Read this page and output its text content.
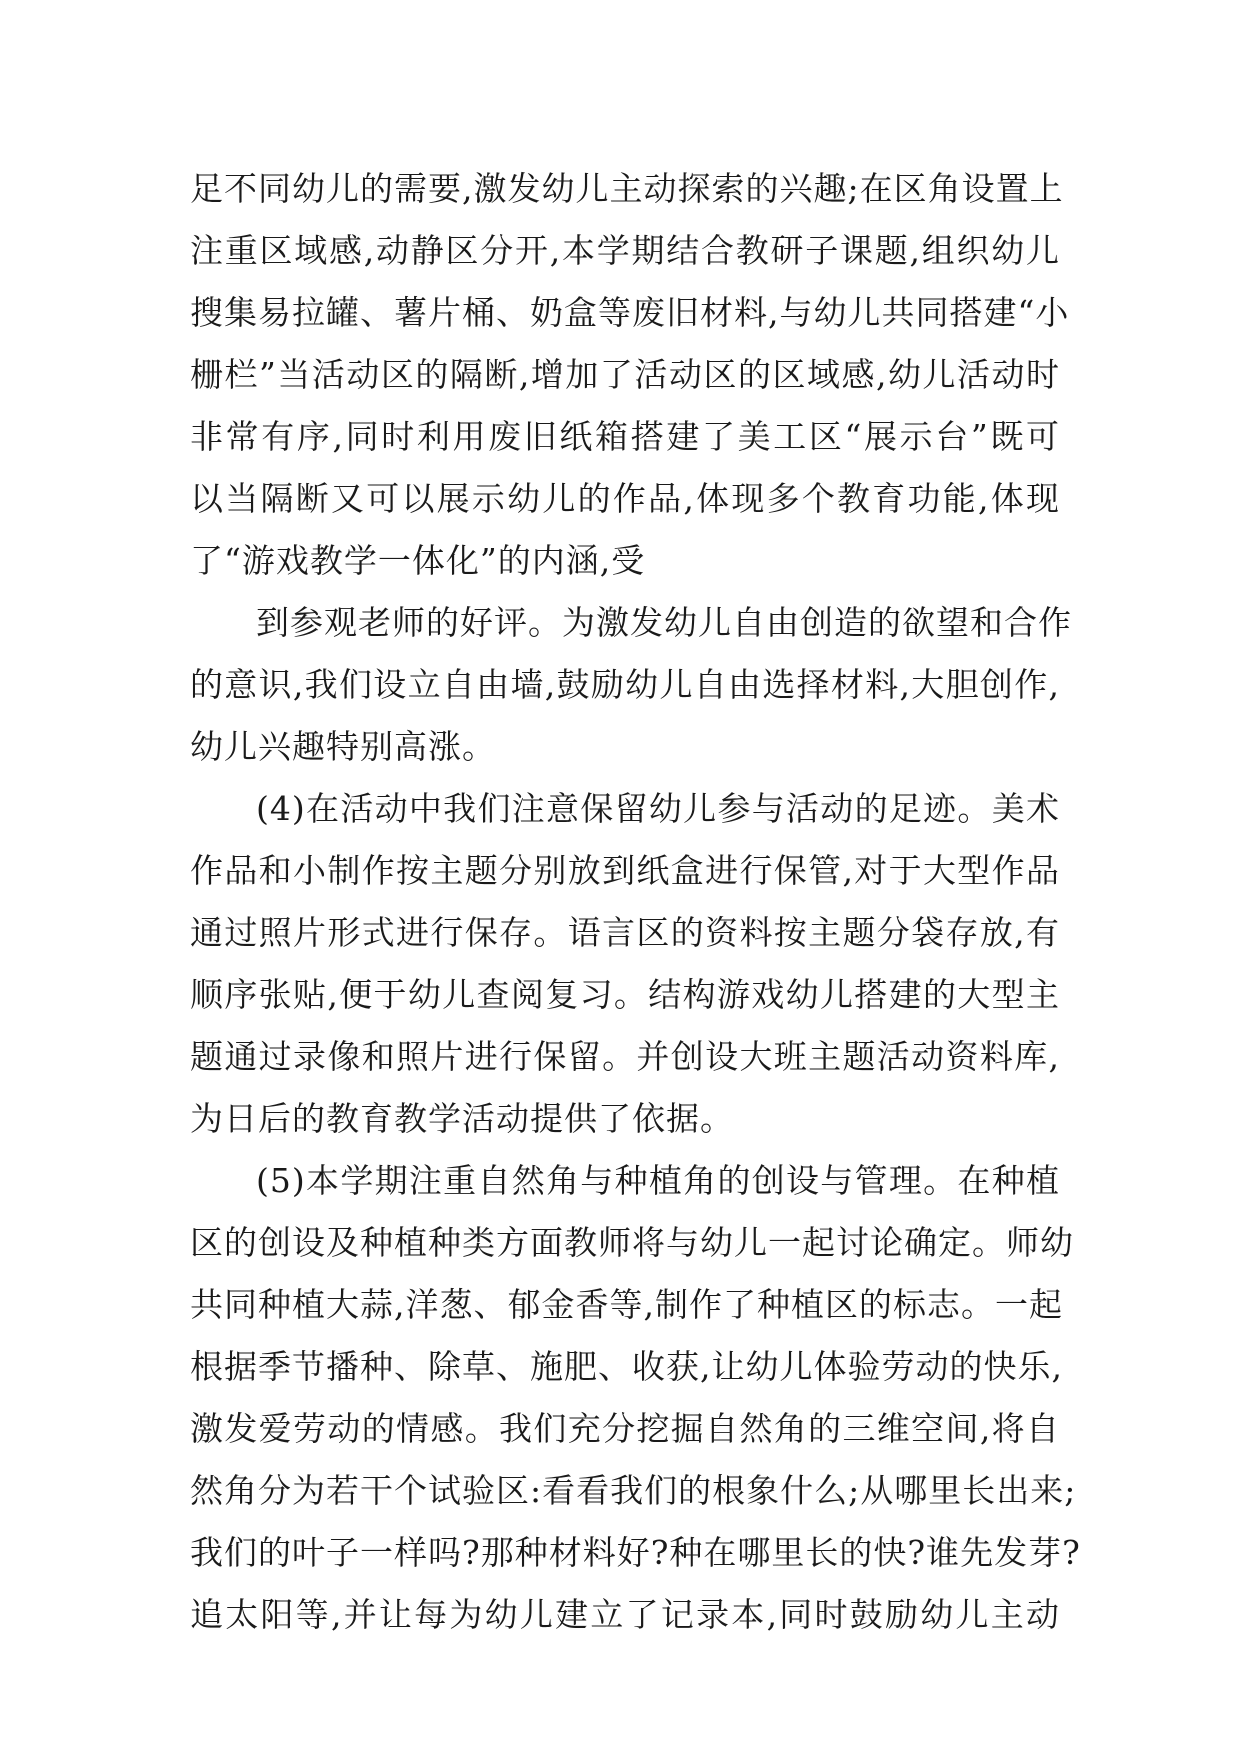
足不同幼儿的需要,激发幼儿主动探索的兴趣;在区角设置上
注重区域感,动静区分开,本学期结合教研子课题,组织幼儿
搜集易拉罐、薯片桶、奶盒等废旧材料,与幼儿共同搭建“小
栅栏”当活动区的隔断,增加了活动区的区域感,幼儿活动时
非常有序,同时利用废旧纸箱搭建了美工区“展示台”既可
以当隔断又可以展示幼儿的作品,体现多个教育功能,体现
了“游戏教学一体化”的内涵,受
到参观老师的好评。为激发幼儿自由创造的欲望和合作
的意识,我们设立自由墙,鼓励幼儿自由选择材料,大胆创作,
幼儿兴趣特别高涨。
(4)在活动中我们注意保留幼儿参与活动的足迹。美术
作品和小制作按主题分别放到纸盒进行保管,对于大型作品
通过照片形式进行保存。语言区的资料按主题分袋存放,有
顺序张贴,便于幼儿查阅复习。结构游戏幼儿搭建的大型主
题通过录像和照片进行保留。并创设大班主题活动资料库,
为日后的教育教学活动提供了依据。
(5)本学期注重自然角与种植角的创设与管理。在种植
区的创设及种植种类方面教师将与幼儿一起讨论确定。师幼
共同种植大蒜,洋葱、郁金香等,制作了种植区的标志。一起
根据季节播种、除草、施肥、收获,让幼儿体验劳动的快乐,
激发爱劳动的情感。我们充分挖掘自然角的三维空间,将自
然角分为若干个试验区:看看我们的根象什么;从哪里长出来;
我们的叶子一样吗?那种材料好?种在哪里长的快?谁先发芽?
追太阳等,并让每为幼儿建立了记录本,同时鼓励幼儿主动
